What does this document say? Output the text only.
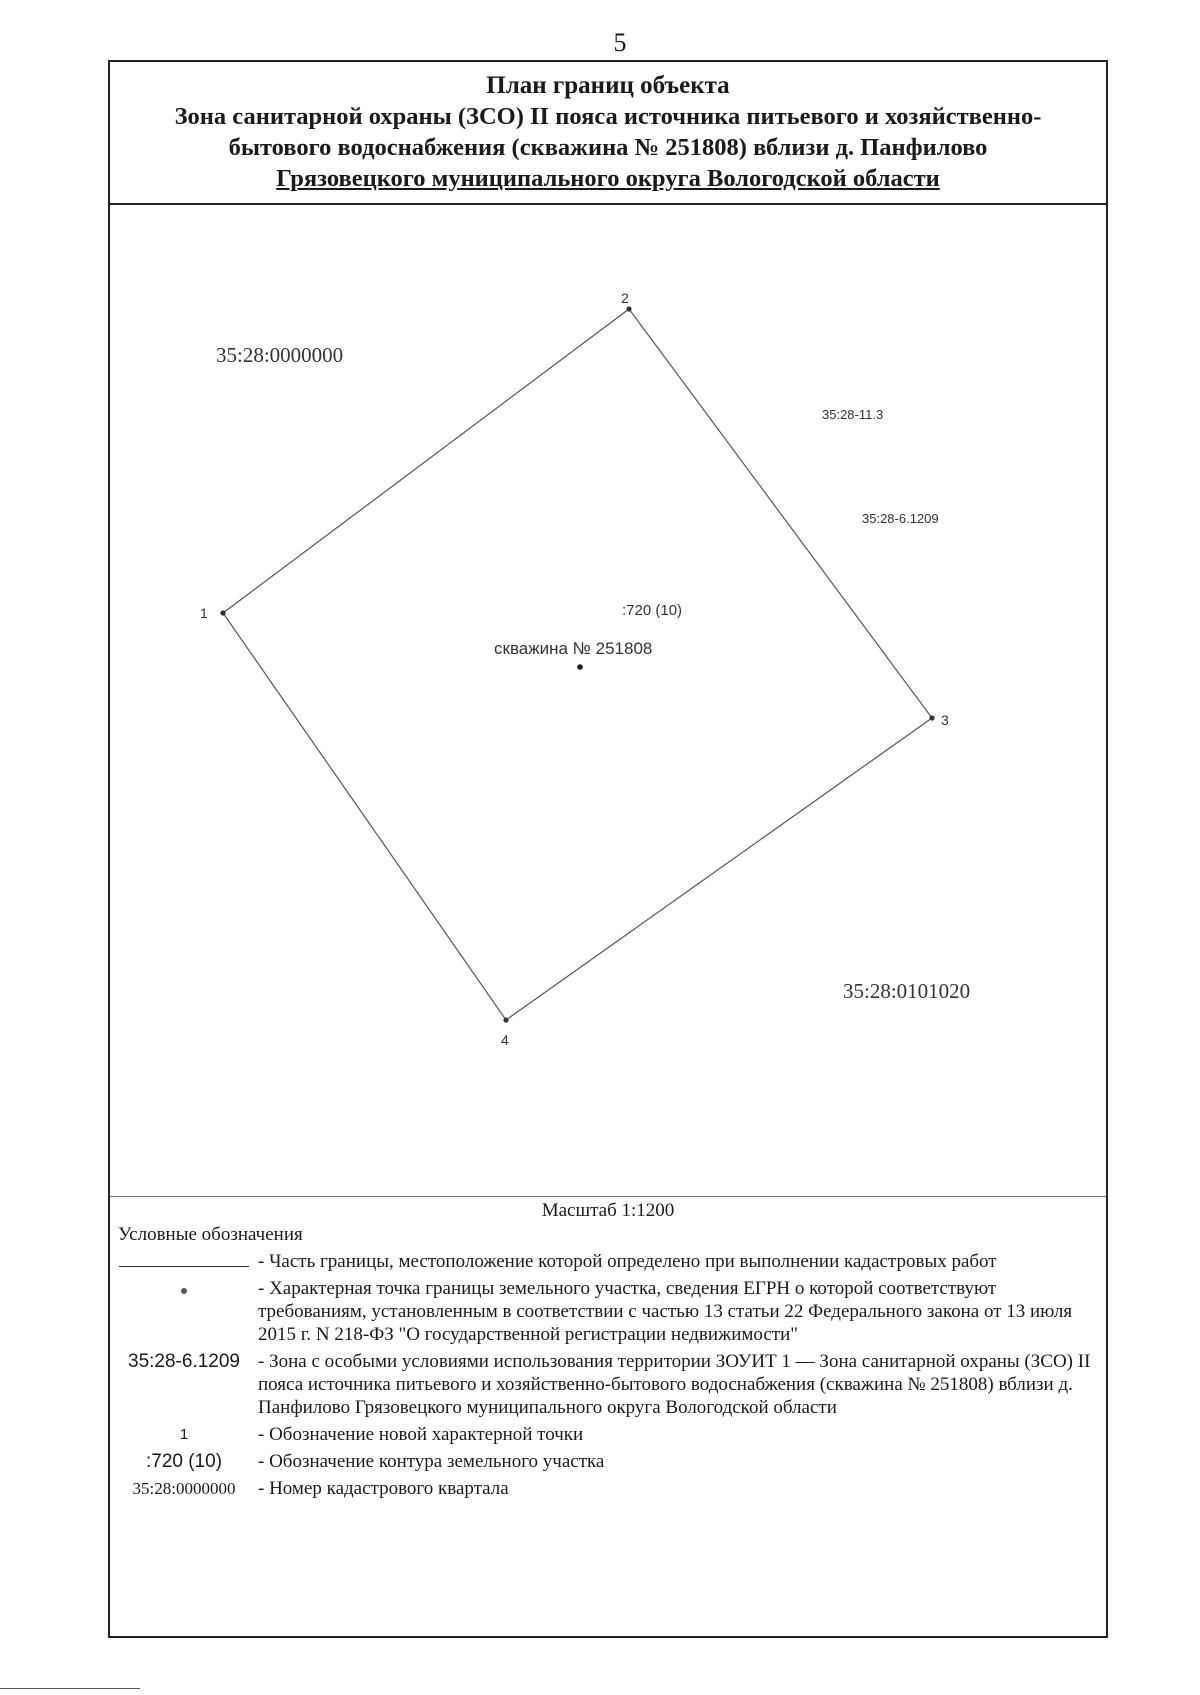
5
План границ объекта
Зона санитарной охраны (ЗСО) II пояса источника питьевого и хозяйственно-
бытового водоснабжения (скважина № 251808) вблизи д. Панфилово
Грязовецкого муниципального округа Вологодской области
1
2
3
4
35:28:0000000
35:28:0101020
35:28-11.3
35:28-6.1209
:720 (10)
скважина № 251808
Масштаб 1:1200
Условные обозначения
- Часть границы, местоположение которой определено при выполнении кадастровых работ
- Характерная точка границы земельного участка, сведения ЕГРН о которой соответствуют требованиям, установленным в соответствии с частью 13 статьи 22 Федерального закона от 13 июля 2015 г. N 218-ФЗ "О государственной регистрации недвижимости"
35:28-6.1209 - Зона с особыми условиями использования территории ЗОУИТ 1 — Зона санитарной охраны (ЗСО) II пояса источника питьевого и хозяйственно-бытового водоснабжения (скважина № 251808) вблизи д. Панфилово Грязовецкого муниципального округа Вологодской области
1	- Обозначение новой характерной точки
:720 (10)	- Обозначение контура земельного участка
35:28:0000000	- Номер кадастрового квартала
